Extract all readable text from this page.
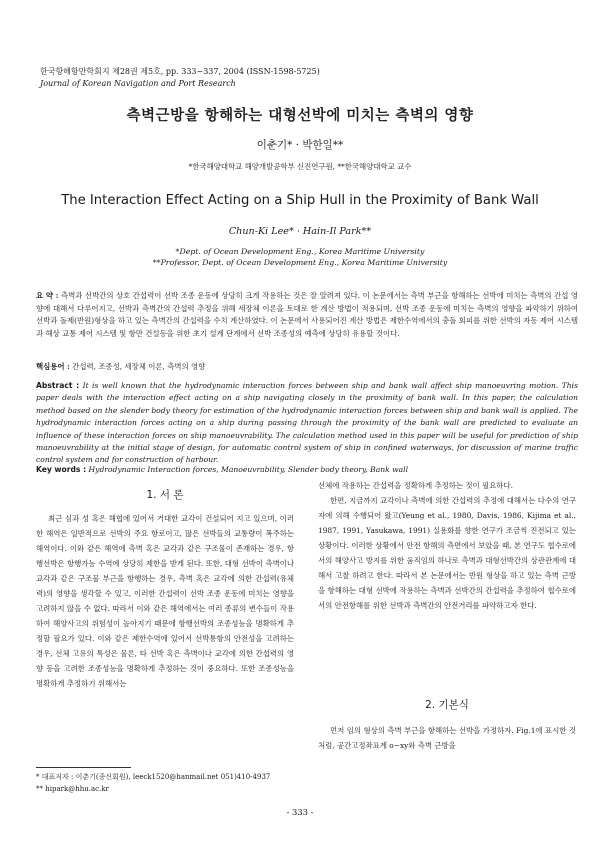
한국항해항만학회지 제28권 제5호, pp. 333~337, 2004 (ISSN-1598-5725)
Journal of Korean Navigation and Port Research
측벽근방을 항해하는 대형선박에 미치는 측벽의 영향
이춘기* · 박한일**
*한국해양대학교 해양개발공학부 신진연구원, **한국해양대학교 교수
The Interaction Effect Acting on a Ship Hull in the Proximity of Bank Wall
Chun-Ki Lee* · Hain-Il Park**
*Dept. of Ocean Development Eng., Korea Maritime University
**Professor, Dept. of Ocean Development Eng., Korea Maritime University
요 약 : 측벽과 선박간의 상호 간섭력이 선박 조종 운동에 상당히 크게 작용하는 것은 잘 알려져 있다. 이 논문에서는 측벽 부근을 항해하는 선박에 미치는 측벽의 간섭 영향에 대해서 다루어지고, 선박과 측벽간의 간섭력 추정을 위해 세장체 이론을 토대로 한 계산 방법이 적용되며, 선박 조종 운동에 미치는 측벽의 영향을 파악하기 위하여 선박과 돌제(반원)형상을 하고 있는 측벽간의 간섭력을 수치 계산하였다. 이 논문에서 사용되어진 계산 방법은 제한수역에서의 충돌 회피를 위한 선박의 자동 제어 시스템과 해상 교통 제어 시스템 및 항만 건설등을 위한 초기 설계 단계에서 선박 조종성의 예측에 상당히 유용할 것이다.
핵심용어 : 간섭력, 조종성, 세장체 이론, 측벽의 영향
Abstract : It is well known that the hydrodynamic interaction forces between ship and bank wall affect ship manoeuvring motion. This paper deals with the interaction effect acting on a ship navigating closely in the proximity of bank wall. In this paper, the calculation method based on the slender body theory for estimation of the hydrodynamic interaction forces between ship and bank wall is applied. The hydrodynamic interaction forces acting on a ship during passing through the proximity of the bank wall are predicted to evaluate an influence of these interaction forces on ship manoeuvrability. The calculation method used in this paper will be useful for prediction of ship manoeuvrability at the initial stage of design, for automatic control system of ship in confined waterways, for discussion of marine traffic control system and for construction of harbour.
Key words : Hydrodynamic Interaction forces, Manoeuvrability, Slender body theory, Bank wall
1. 서 론

최근 심과 성 혹은 해협에 있어서 거대한 교각이 건설되어 지고 있으며, 이러한 해역은 일반적으로 선박의 주요 항로이고, 많은 선박들의 교통량이 폭주하는 해역이다. 이와 같은 해역에 측벽 혹은 교각과 같은 구조물이 존재하는 경우, 항행선박은 항행가능 수역에 상당히 제한을 받게 된다. 또한, 대형 선박이 측벽이나 교각과 같은 구조물 부근을 항행하는 경우, 측벽 혹은 교각에 의한 간섭력(유체력)의 영향을 생각할 수 있고, 이러한 간섭력이 선박 조종 운동에 미치는 영향을 고려하지 않을 수 없다. 따라서 이와 같은 해역에서는 여러 종류의 변수들이 작용하여 해양사고의 위험성이 높아지기 때문에 항행선박의 조종성능을 명확하게 추정할 필요가 있다. 이와 같은 제한수역에 있어서 선박통항의 안전성을 고려하는 경우, 선체 고유의 특성은 물론, 타 선박 혹은 측벽이나 교각에 의한 간섭력의 영향 등을 고려한 조종성능을 명확하게 추정하는 것이 중요하다. 또한 조종성능을 명확하게 추정하기 위해서는

선체에 작용하는 간섭력을 정확하게 추정하는 것이 필요하다.

한편, 지금까지 교각이나 측벽에 의한 간섭력의 추정에 대해서는 다수의 연구자에 의해 수행되어 왔고(Yeung et al., 1980, Davis, 1986, Kijima et al., 1987, 1991, Yasukawa, 1991) 실용화를 향한 연구가 조금씩 진전되고 있는 상황이다. 이러한 상황에서 안전 항해의 측면에서 보았을 때, 본 연구도 협수로에서의 해양사고 방지를 위한 움직임의 하나로 측벽과 대형선박간의 상관관계에 대해서 고찰 하려고 한다. 따라서 본 논문에서는 반원 형상을 하고 있는 측벽 근방을 항해하는 대형 선박에 작용하는 측벽과 선박간의 간섭력을 추정하여 협수로에서의 안전항해를 위한 선박과 측벽간의 안전거리를 파악하고자 한다.

2. 기본식

먼저 임의 형상의 측벽 부근을 항해하는 선박을 가정하자. Fig.1에 표시한 것처럼, 공간고정좌표계 o−xy와 측벽 근방을

* 대표저자 : 이춘기(종신회원), leeck1520@hanmail.net 051)410-4937
** hipark@hhu.ac.kr
- 333 -
